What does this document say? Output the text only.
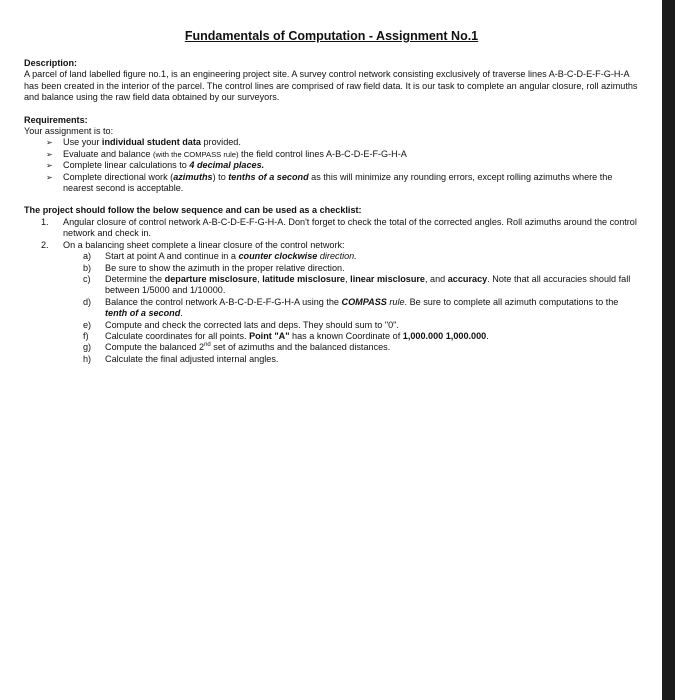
Fundamentals of Computation - Assignment No.1

Description:

A parcel of land labelled figure no.1, is an engineering project site. A survey control network consisting exclusively of traverse lines A-B-C-D-E-F-G-H-A has been created in the interior of the parcel. The control lines are comprised of raw field data. It is our task to complete an angular closure, roll azimuths and balance using the raw field data obtained by our surveyors.

Requirements:

Your assignment is to:

➢ Use your individual student data provided.
➢ Evaluate and balance (with the COMPASS rule) the field control lines A-B-C-D-E-F-G-H-A
➢ Complete linear calculations to 4 decimal places.
➢ Complete directional work (azimuths) to tenths of a second as this will minimize any rounding errors, except rolling azimuths where the nearest second is acceptable.

The project should follow the below sequence and can be used as a checklist:

1. Angular closure of control network A-B-C-D-E-F-G-H-A. Don't forget to check the total of the corrected angles. Roll azimuths around the control network and check in.
2. On a balancing sheet complete a linear closure of the control network:
a) Start at point A and continue in a counter clockwise direction.
b) Be sure to show the azimuth in the proper relative direction.
c) Determine the departure misclosure, latitude misclosure, linear misclosure, and accuracy. Note that all accuracies should fall between 1/5000 and 1/10000.
d) Balance the control network A-B-C-D-E-F-G-H-A using the COMPASS rule. Be sure to complete all azimuth computations to the tenth of a second.
e) Compute and check the corrected lats and deps. They should sum to "0".
f) Calculate coordinates for all points. Point "A" has a known Coordinate of 1,000.000 1,000.000.
g) Compute the balanced 2nd set of azimuths and the balanced distances.
h) Calculate the final adjusted internal angles.
